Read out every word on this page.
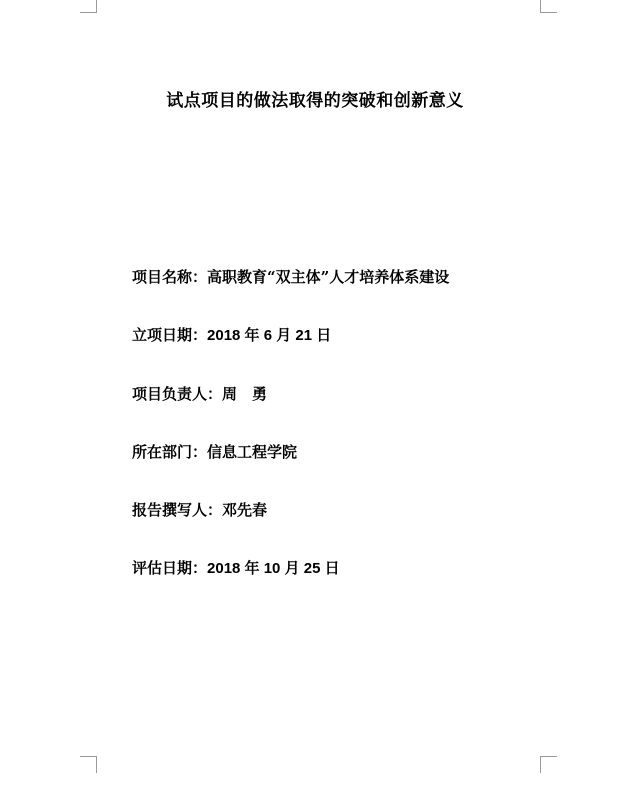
试点项目的做法取得的突破和创新意义
项目名称：高职教育“双主体”人才培养体系建设
立项日期：2018 年 6 月 21 日
项目负责人：周　勇
所在部门：信息工程学院
报告撰写人：邓先春
评估日期：2018 年 10 月 25 日
